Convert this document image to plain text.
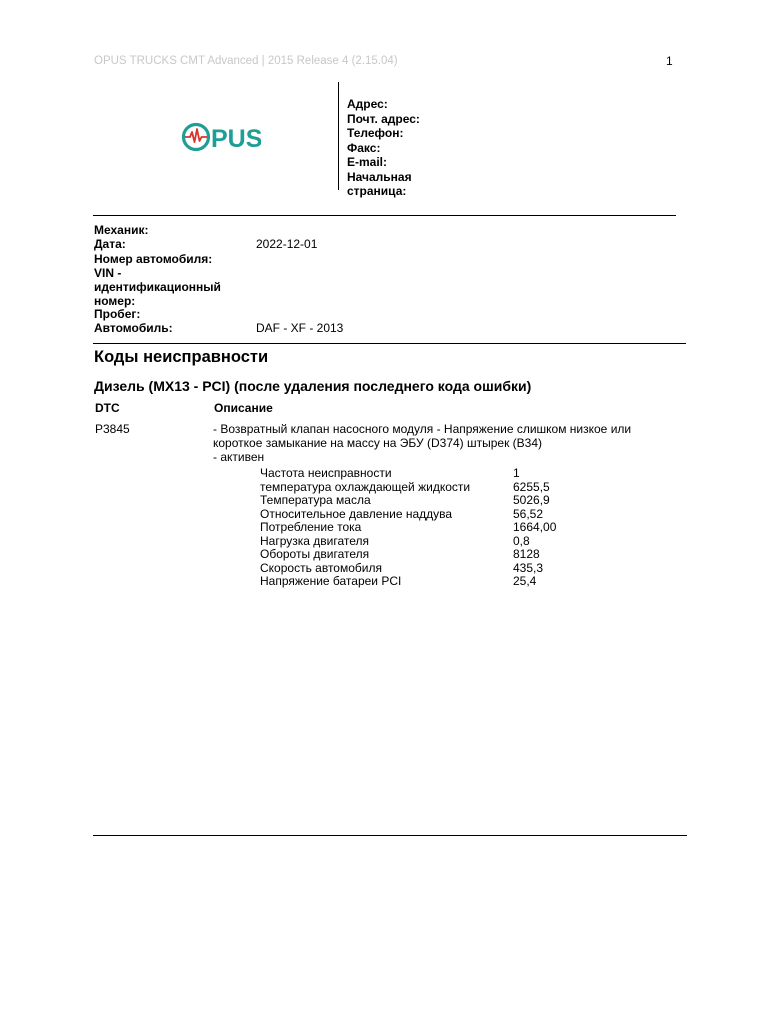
OPUS TRUCKS CMT Advanced | 2015 Release 4 (2.15.04)	1
PUS
Адрес:
Почт. адрес:
Телефон:
Факс:
E-mail:
Начальная страница:
Механик:
Дата:	2022-12-01
Номер автомобиля:
VIN - идентификационный номер:
Пробег:
Автомобиль:	DAF - XF - 2013
Коды неисправности
Дизель (MX13 - PCI) (после удаления последнего кода ошибки)
DTC	Описание
P3845	- Возвратный клапан насосного модуля - Напряжение слишком низкое или короткое замыкание на массу на ЭБУ (D374) штырек (B34)
- активен
Частота неисправности	1
температура охлаждающей жидкости	6255,5
Температура масла	5026,9
Относительное давление наддува	56,52
Потребление тока	1664,00
Нагрузка двигателя	0,8
Обороты двигателя	8128
Скорость автомобиля	435,3
Напряжение батареи PCI	25,4
